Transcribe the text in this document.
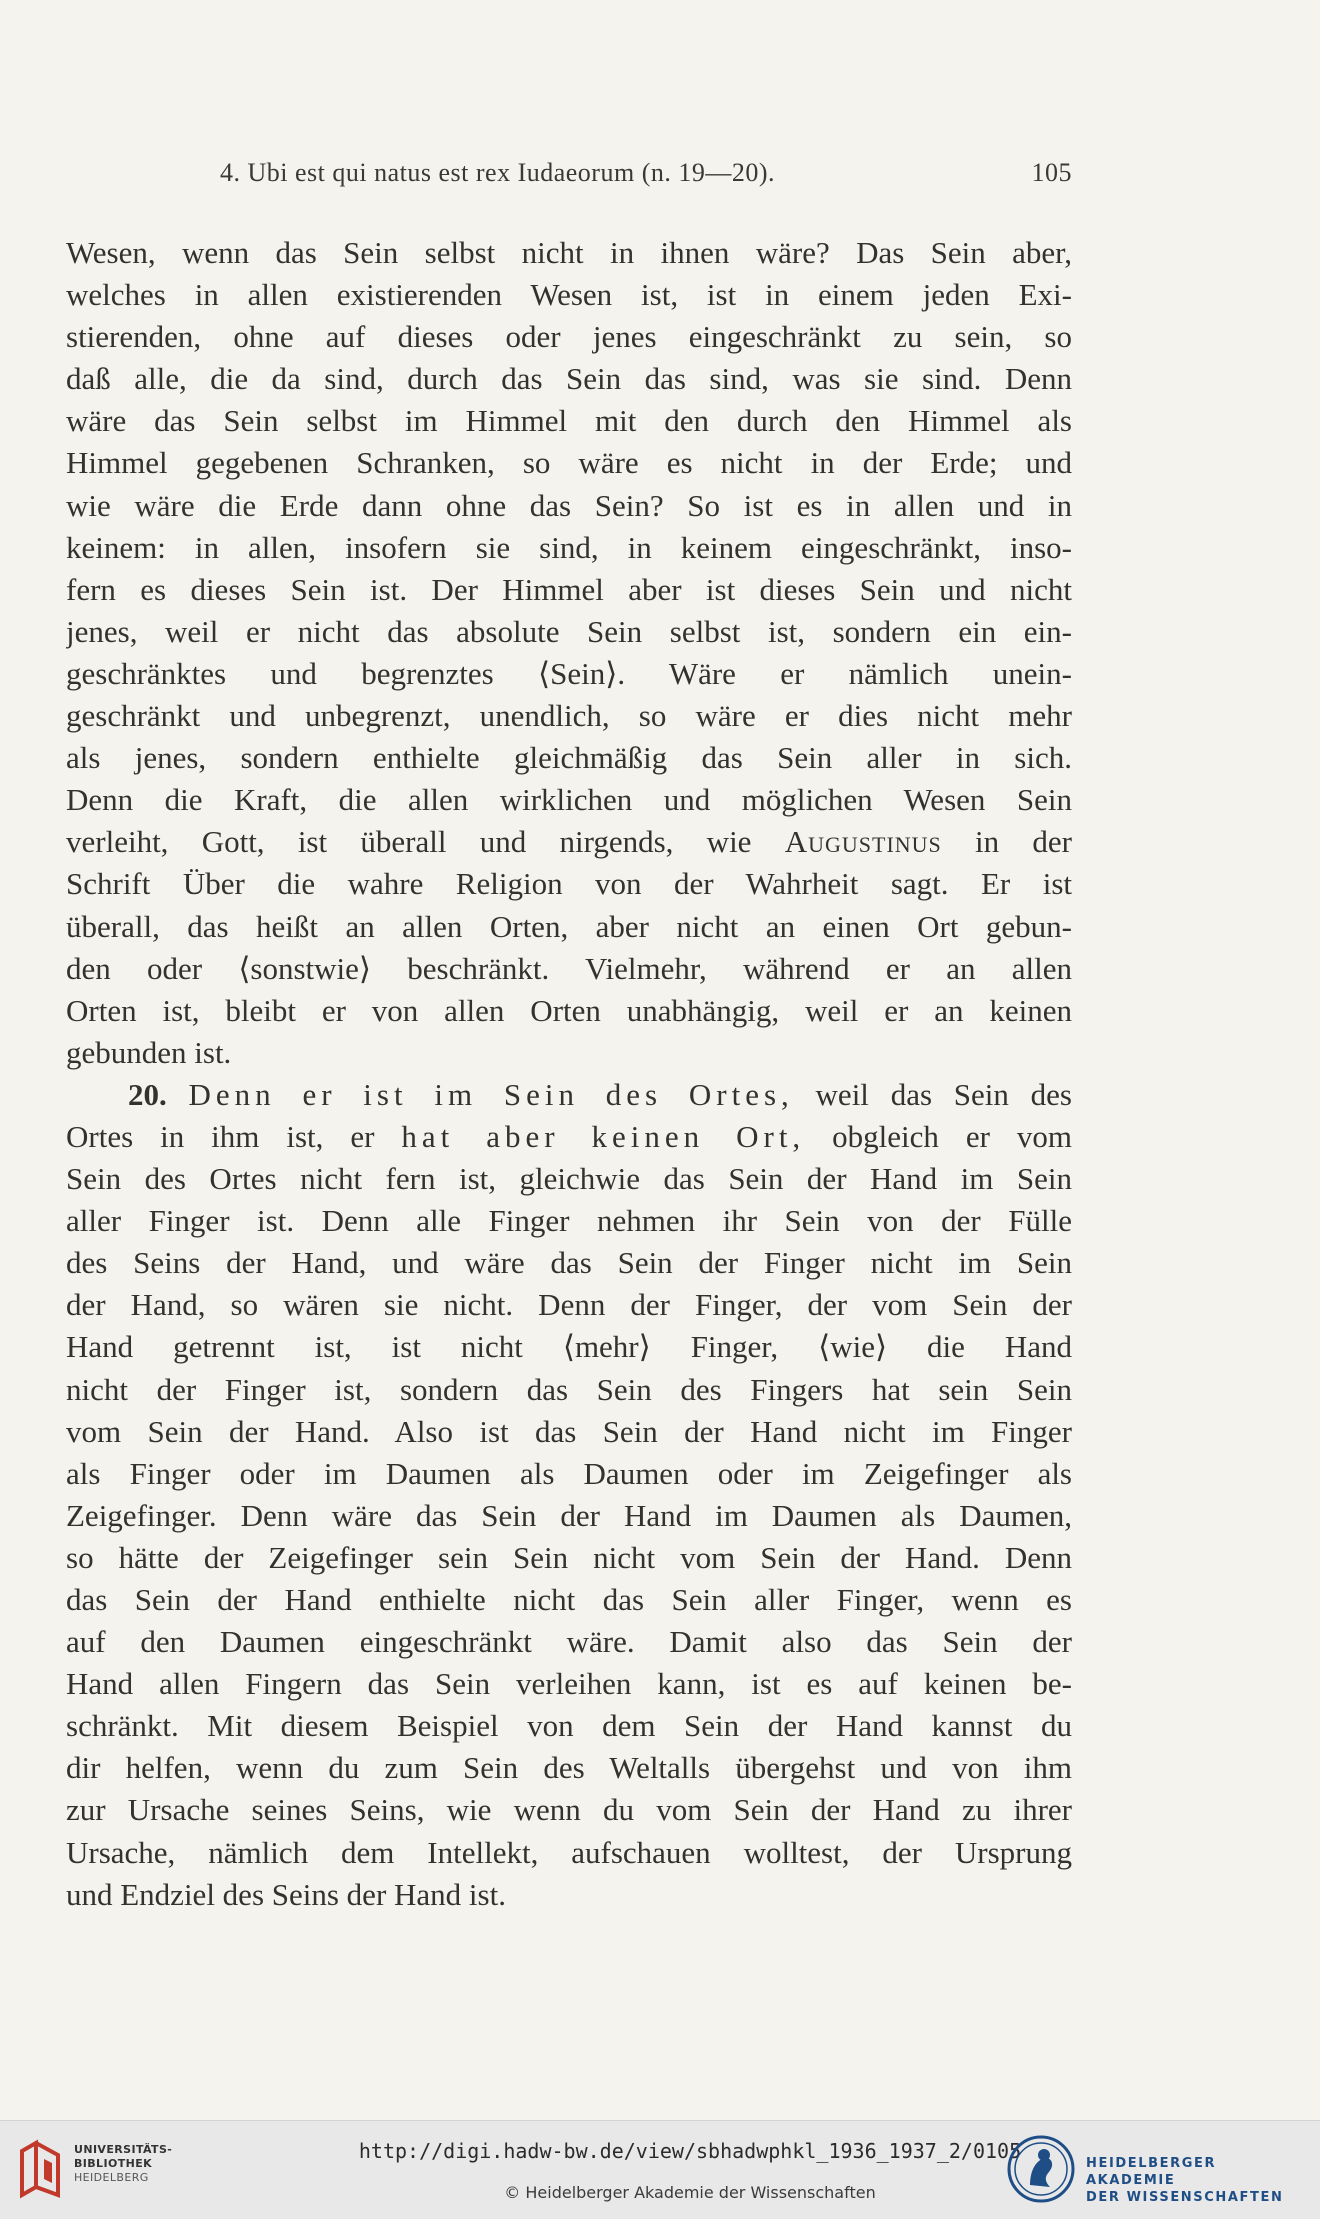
4. Ubi est qui natus est rex Iudaeorum (n. 19—20).	105
Wesen, wenn das Sein selbst nicht in ihnen wäre? Das Sein aber,
welches in allen existierenden Wesen ist, ist in einem jeden Exi-
stierenden, ohne auf dieses oder jenes eingeschränkt zu sein, so
daß alle, die da sind, durch das Sein das sind, was sie sind. Denn
wäre das Sein selbst im Himmel mit den durch den Himmel als
Himmel gegebenen Schranken, so wäre es nicht in der Erde; und
wie wäre die Erde dann ohne das Sein? So ist es in allen und in
keinem: in allen, insofern sie sind, in keinem eingeschränkt, inso-
fern es dieses Sein ist. Der Himmel aber ist dieses Sein und nicht
jenes, weil er nicht das absolute Sein selbst ist, sondern ein ein-
geschränktes und begrenztes ⟨Sein⟩. Wäre er nämlich unein-
geschränkt und unbegrenzt, unendlich, so wäre er dies nicht mehr
als jenes, sondern enthielte gleichmäßig das Sein aller in sich.
Denn die Kraft, die allen wirklichen und möglichen Wesen Sein
verleiht, Gott, ist überall und nirgends, wie Augustinus in der
Schrift Über die wahre Religion von der Wahrheit sagt. Er ist
überall, das heißt an allen Orten, aber nicht an einen Ort gebun-
den oder ⟨sonstwie⟩ beschränkt. Vielmehr, während er an allen
Orten ist, bleibt er von allen Orten unabhängig, weil er an keinen
gebunden ist.
20. Denn er ist im Sein des Ortes, weil das Sein des
Ortes in ihm ist, er hat aber keinen Ort, obgleich er vom
Sein des Ortes nicht fern ist, gleichwie das Sein der Hand im Sein
aller Finger ist. Denn alle Finger nehmen ihr Sein von der Fülle
des Seins der Hand, und wäre das Sein der Finger nicht im Sein
der Hand, so wären sie nicht. Denn der Finger, der vom Sein der
Hand getrennt ist, ist nicht ⟨mehr⟩ Finger, ⟨wie⟩ die Hand
nicht der Finger ist, sondern das Sein des Fingers hat sein Sein
vom Sein der Hand. Also ist das Sein der Hand nicht im Finger
als Finger oder im Daumen als Daumen oder im Zeigefinger als
Zeigefinger. Denn wäre das Sein der Hand im Daumen als Daumen,
so hätte der Zeigefinger sein Sein nicht vom Sein der Hand. Denn
das Sein der Hand enthielte nicht das Sein aller Finger, wenn es
auf den Daumen eingeschränkt wäre. Damit also das Sein der
Hand allen Fingern das Sein verleihen kann, ist es auf keinen be-
schränkt. Mit diesem Beispiel von dem Sein der Hand kannst du
dir helfen, wenn du zum Sein des Weltalls übergehst und von ihm
zur Ursache seines Seins, wie wenn du vom Sein der Hand zu ihrer
Ursache, nämlich dem Intellekt, aufschauen wolltest, der Ursprung
und Endziel des Seins der Hand ist.
UNIVERSITÄTS-
BIBLIOTHEK
HEIDELBERG
http://digi.hadw-bw.de/view/sbhadwphkl_1936_1937_2/0105
© Heidelberger Akademie der Wissenschaften
HEIDELBERGER AKADEMIE
DER WISSENSCHAFTEN
